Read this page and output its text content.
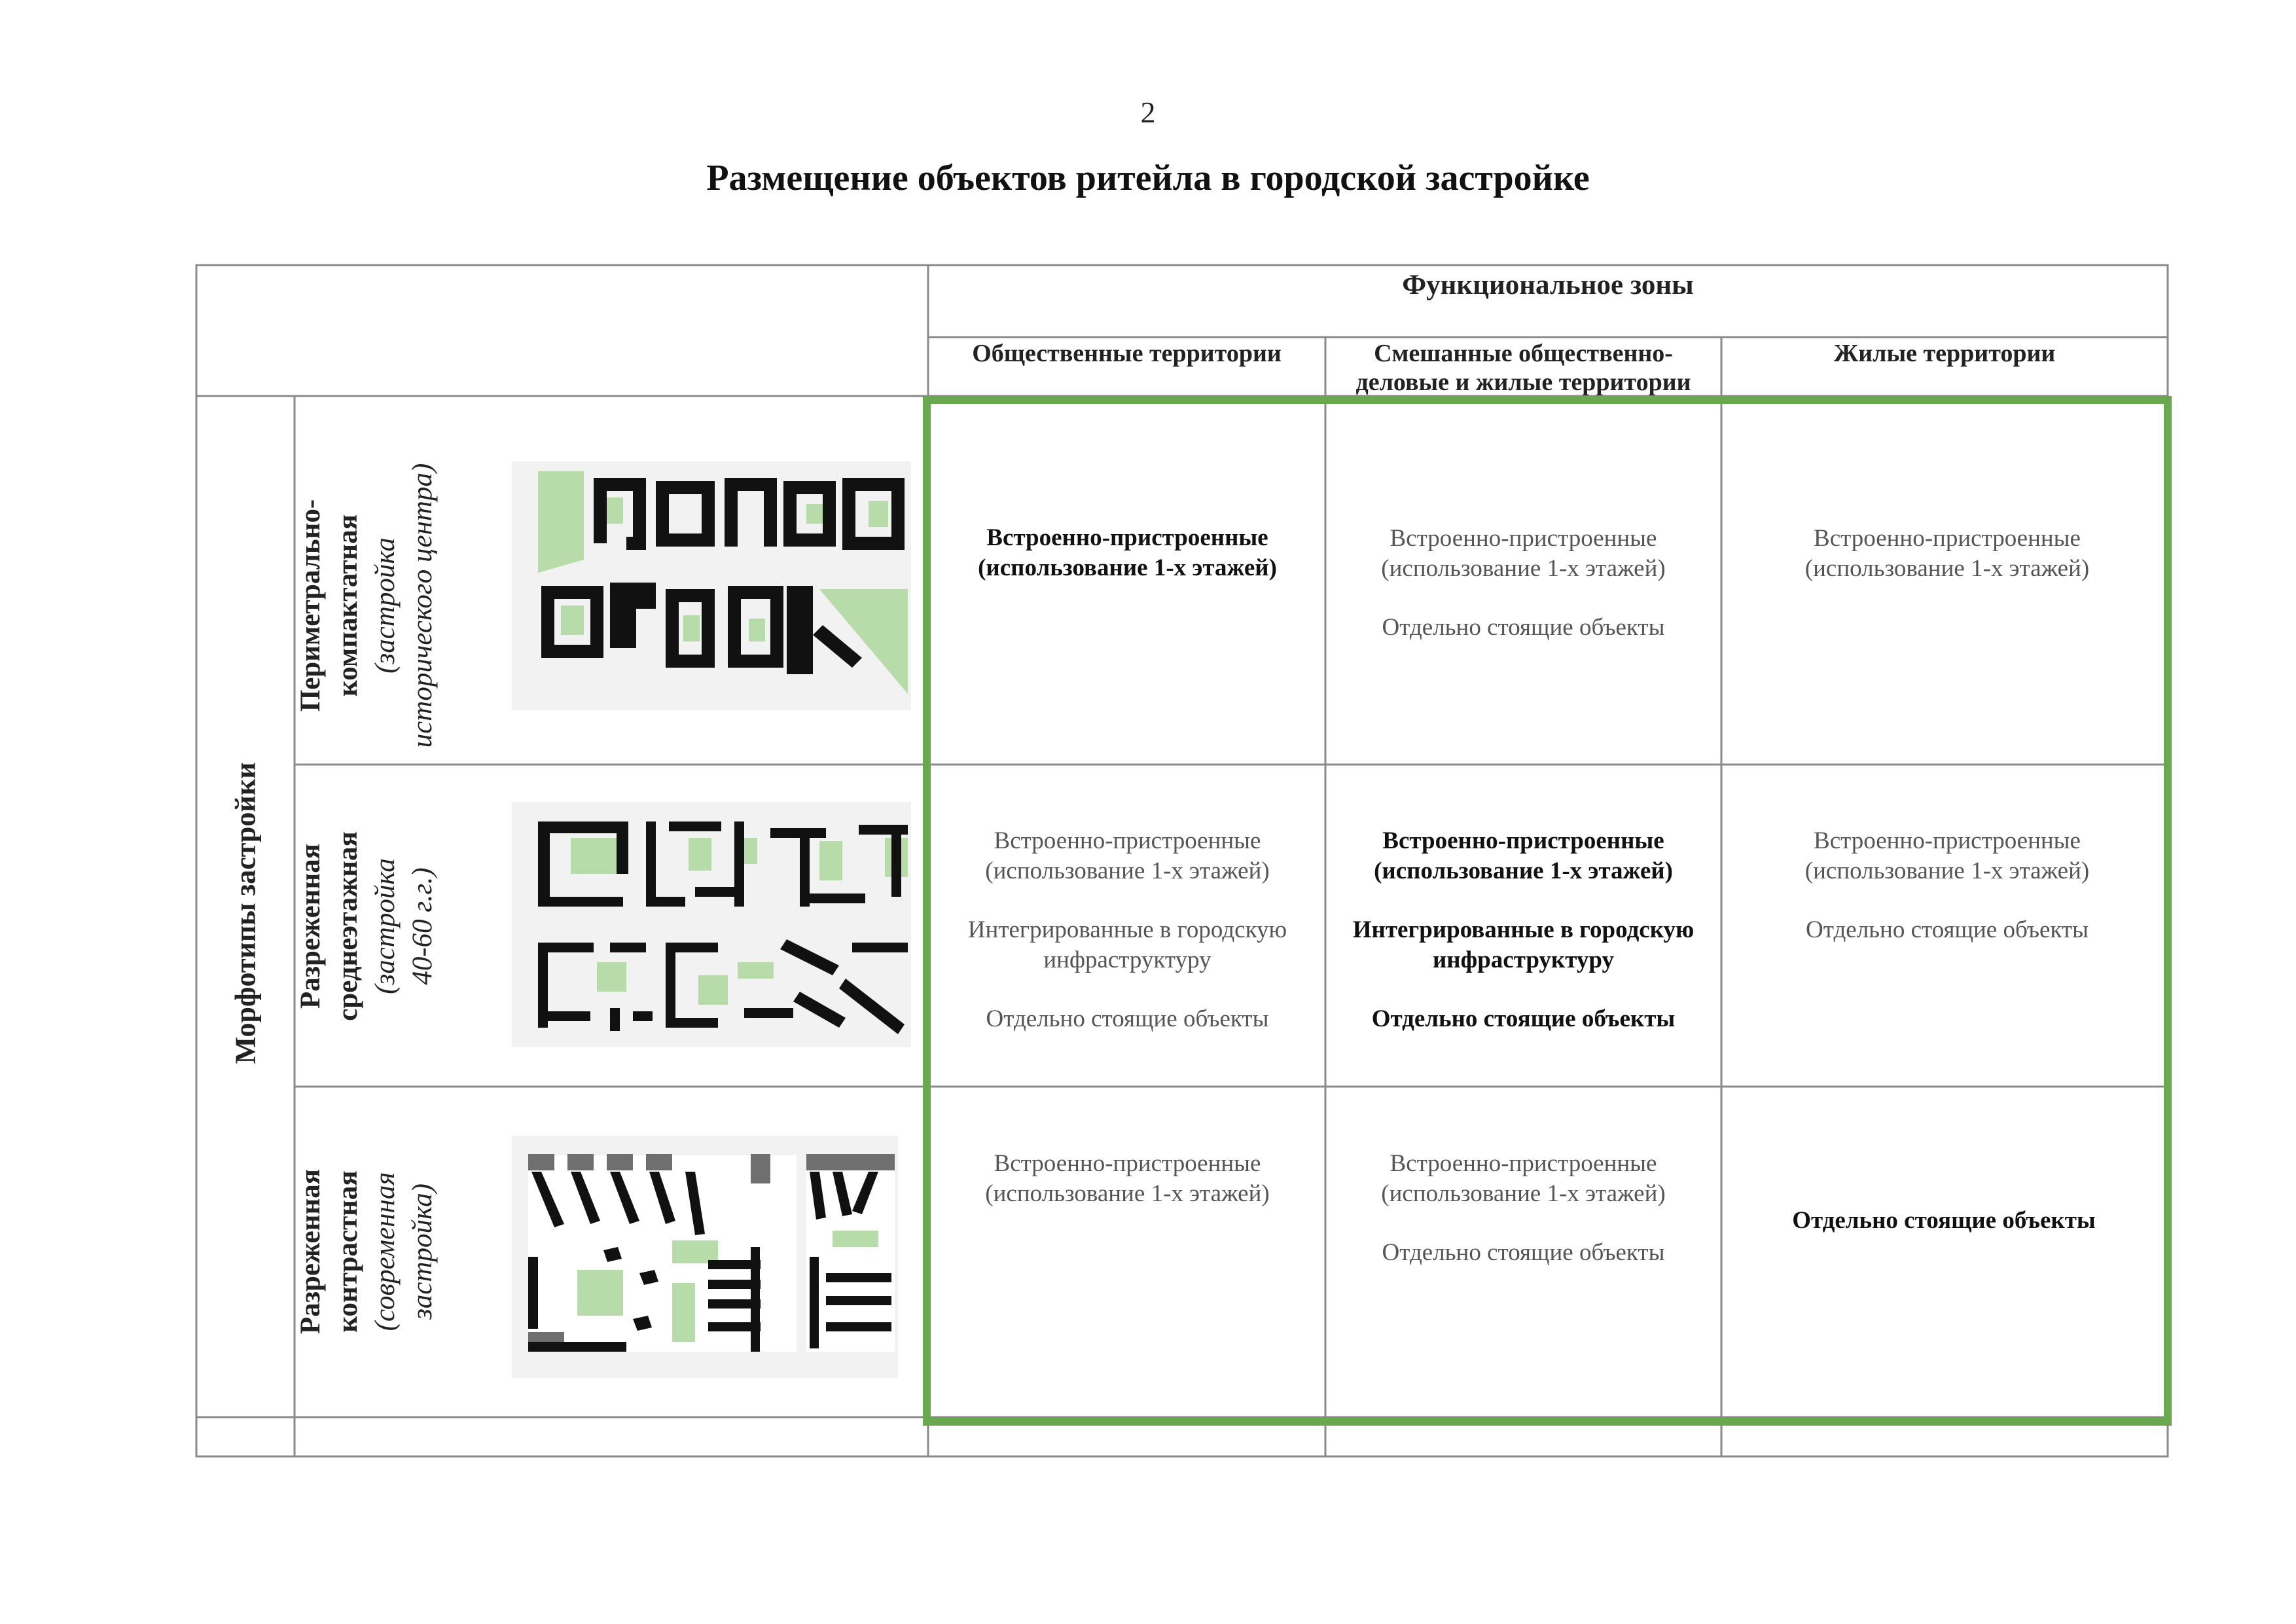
2
Размещение объектов ритейла в городской застройке
Функциональное зоны
Общественные территории	Смешанные общественно-деловые и жилые территории
Жилые территории
Морфотипы застройки
Периметрально- компактатная (застройка исторического центра)
Разреженная среднеэтажная (застройка 40-60 г.г.)
Разреженная контрастная (современная застройка)
Встроенно-пристроенные (использование 1-х этажей)
Встроенно-пристроенные (использование 1-х этажей)
Отдельно стоящие объекты
Встроенно-пристроенные (использование 1-х этажей)
Встроенно-пристроенные (использование 1-х этажей)
Интегрированные в городскую инфраструктуру
Отдельно стоящие объекты
Встроенно-пристроенные (использование 1-х этажей)
Интегрированные в городскую инфраструктуру
Отдельно стоящие объекты
Встроенно-пристроенные (использование 1-х этажей)
Отдельно стоящие объекты
Встроенно-пристроенные (использование 1-х этажей)
Встроенно-пристроенные (использование 1-х этажей)
Отдельно стоящие объекты
Отдельно стоящие объекты
